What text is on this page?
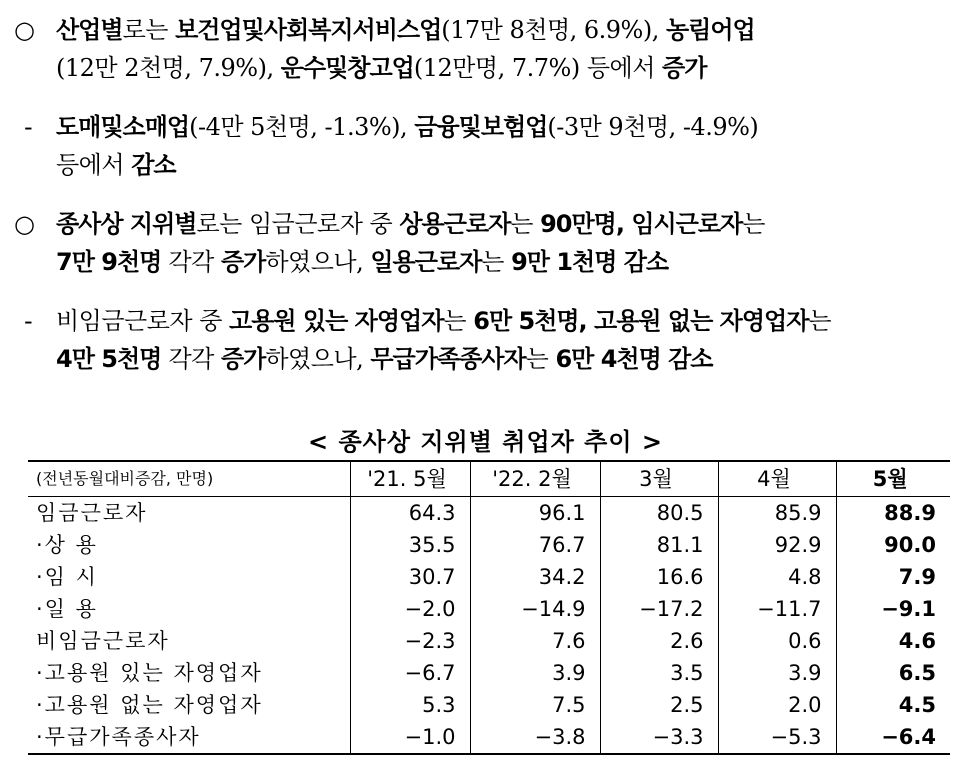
○ 산업별로는 보건업및사회복지서비스업(17만 8천명, 6.9%), 농림어업
(12만 2천명, 7.9%), 운수및창고업(12만명, 7.7%) 등에서 증가
- 도매및소매업(-4만 5천명, -1.3%), 금융및보험업(-3만 9천명, -4.9%)
등에서 감소
○ 종사상 지위별로는 임금근로자 중 상용근로자는 90만명, 임시근로자는
7만 9천명 각각 증가하였으나, 일용근로자는 9만 1천명 감소
- 비임금근로자 중 고용원 있는 자영업자는 6만 5천명, 고용원 없는 자영업자는
4만 5천명 각각 증가하였으나, 무급가족종사자는 6만 4천명 감소
< 종사상 지위별 취업자 추이 >
(전년동월대비증감, 만명)	'21. 5월	'22. 2월	3월	4월	5월
임금근로자	64.3	96.1	80.5	85.9	88.9
·상 용	35.5	76.7	81.1	92.9	90.0
·임 시	30.7	34.2	16.6	4.8	7.9
·일 용	−2.0	−14.9	−17.2	−11.7	−9.1
비임금근로자	−2.3	7.6	2.6	0.6	4.6
·고용원 있는 자영업자	−6.7	3.9	3.5	3.9	6.5
·고용원 없는 자영업자	5.3	7.5	2.5	2.0	4.5
·무급가족종사자	−1.0	−3.8	−3.3	−5.3	−6.4
